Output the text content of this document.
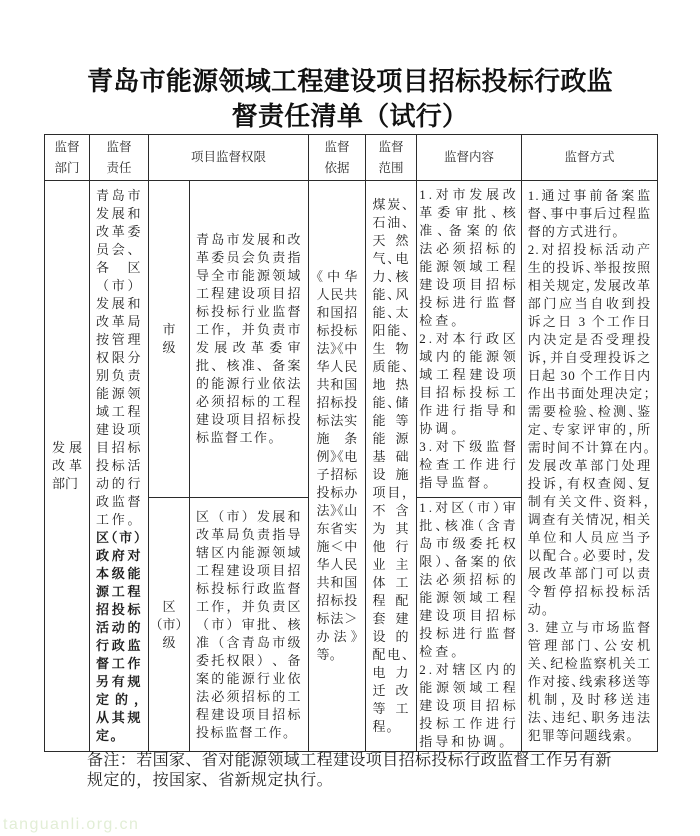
青岛市能源领域工程建设项目招标投标行政监督责任清单（试行）
监督部门
监督责任
项目监督权限
监督依据
监督范围
监督内容	监督方式
发展改革部门
青岛市发展和改革委员会、各区（市）发展和改革局按管理权限分别负责能源领域工程建设项目招标投标活动的行政监督工作。区（市）政府对本级能源工程招投标活动的行政监督工作另有规定的，从其规定。
市级
青岛市发展和改革委员会负责指导全市能源领域工程建设项目招标投标行业监督工作，并负责市发展改革委审批、核准、备案的能源行业依法必须招标的工程建设项目招标投标监督工作。
区（市）级
区（市）发展和改革局负责指导辖区内能源领域工程建设项目招标投标行政监督工作，并负责区（市）审批、核准（含青岛市级委托权限）、备案的能源行业依法必须招标的工程建设项目招标投标监督工作。
《中华人民共和国招标投标法》《中华人民共和国招标投标法实施条例》《电子招标投标办法》《山东省实施＜中华人民共和国招标投标法＞办法》等。
煤炭、石油、天然气、电力、核能、风能、太阳能、生物质能、地热能、储能等能源基础设施项目，不含为其他行业主体工程配套建设的配电、电力迁改等工程。
1.对市发展改革委审批、核准、备案的依法必须招标的能源领域工程建设项目招标投标进行监督检查。
2.对本行政区域内的能源领域工程建设项目招标投标工作进行指导和协调。
3.对下级监督检查工作进行指导监督。
1.对区（市）审批、核准（含青岛市级委托权限）、备案的依法必须招标的能源领域工程建设项目招标投标进行监督检查。
2.对辖区内的能源领域工程建设项目招标投标工作进行指导和协调。
1.通过事前备案监督、事中事后过程监督的方式进行。
2.对招投标活动产生的投诉、举报按照相关规定，发展改革部门应当自收到投诉之日 3 个工作日内决定是否受理投诉，并自受理投诉之日起 30 个工作日内作出书面处理决定；需要检验、检测、鉴定、专家评审的，所需时间不计算在内。发展改革部门处理投诉，有权查阅、复制有关文件、资料，调查有关情况，相关单位和人员应当予以配合。必要时，发展改革部门可以责令暂停招标投标活动。
3. 建立与市场监督管理部门、公安机关、纪检监察机关工作对接、线索移送等机制，及时移送违法、违纪、职务违法犯罪等问题线索。
备注：若国家、省对能源领域工程建设项目招标投标行政监督工作另有新规定的，按国家、省新规定执行。
tanguanli.org.cn
